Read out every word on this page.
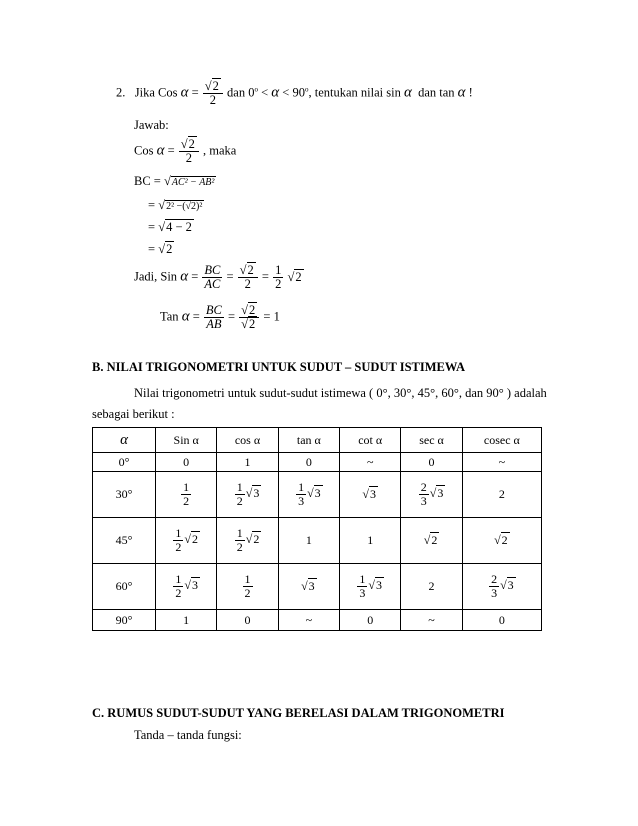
2. Jika Cos $\alpha = \frac{√2}{2}$ dan $0^o < \alpha < 90^o$, tentukan nilai sin α dan tan α !
Jawab:
Cos $\alpha = \frac{√2}{2}$ , maka
BC = √AC² − AB²
= √2² −(√2)²
= √4 − 2
= √2
Jadi, Sin $\alpha = \frac{BC}{AC} = \frac{√2}{2} = \frac{1}{2} √2$
Tan $\alpha = \frac{BC}{AB} = \frac{√2}{√2} = 1$
B. NILAI TRIGONOMETRI UNTUK SUDUT – SUDUT ISTIMEWA
Nilai trigonometri untuk sudut-sudut istimewa ( 0°, 30°, 45°, 60°, dan 90° ) adalah
sebagai berikut :
α	Sin α	cos α	tan α	cot α	sec α	cosec α
0°	0	1	0	~	0	~
30°	$\frac{1}{2}$	$\frac{1}{2} √3$	$\frac{1}{3} √3$	√3	$\frac{2}{3} √3$	2
45°	$\frac{1}{2} √2$	$\frac{1}{2} √2$	1	1	√2	√2
60°	$\frac{1}{2} √3$	$\frac{1}{2}$	√3	$\frac{1}{3} √3$	2	$\frac{2}{3} √3$
90°	1	0	~	0	~	0
C. RUMUS SUDUT-SUDUT YANG BERELASI DALAM TRIGONOMETRI
Tanda – tanda fungsi:
